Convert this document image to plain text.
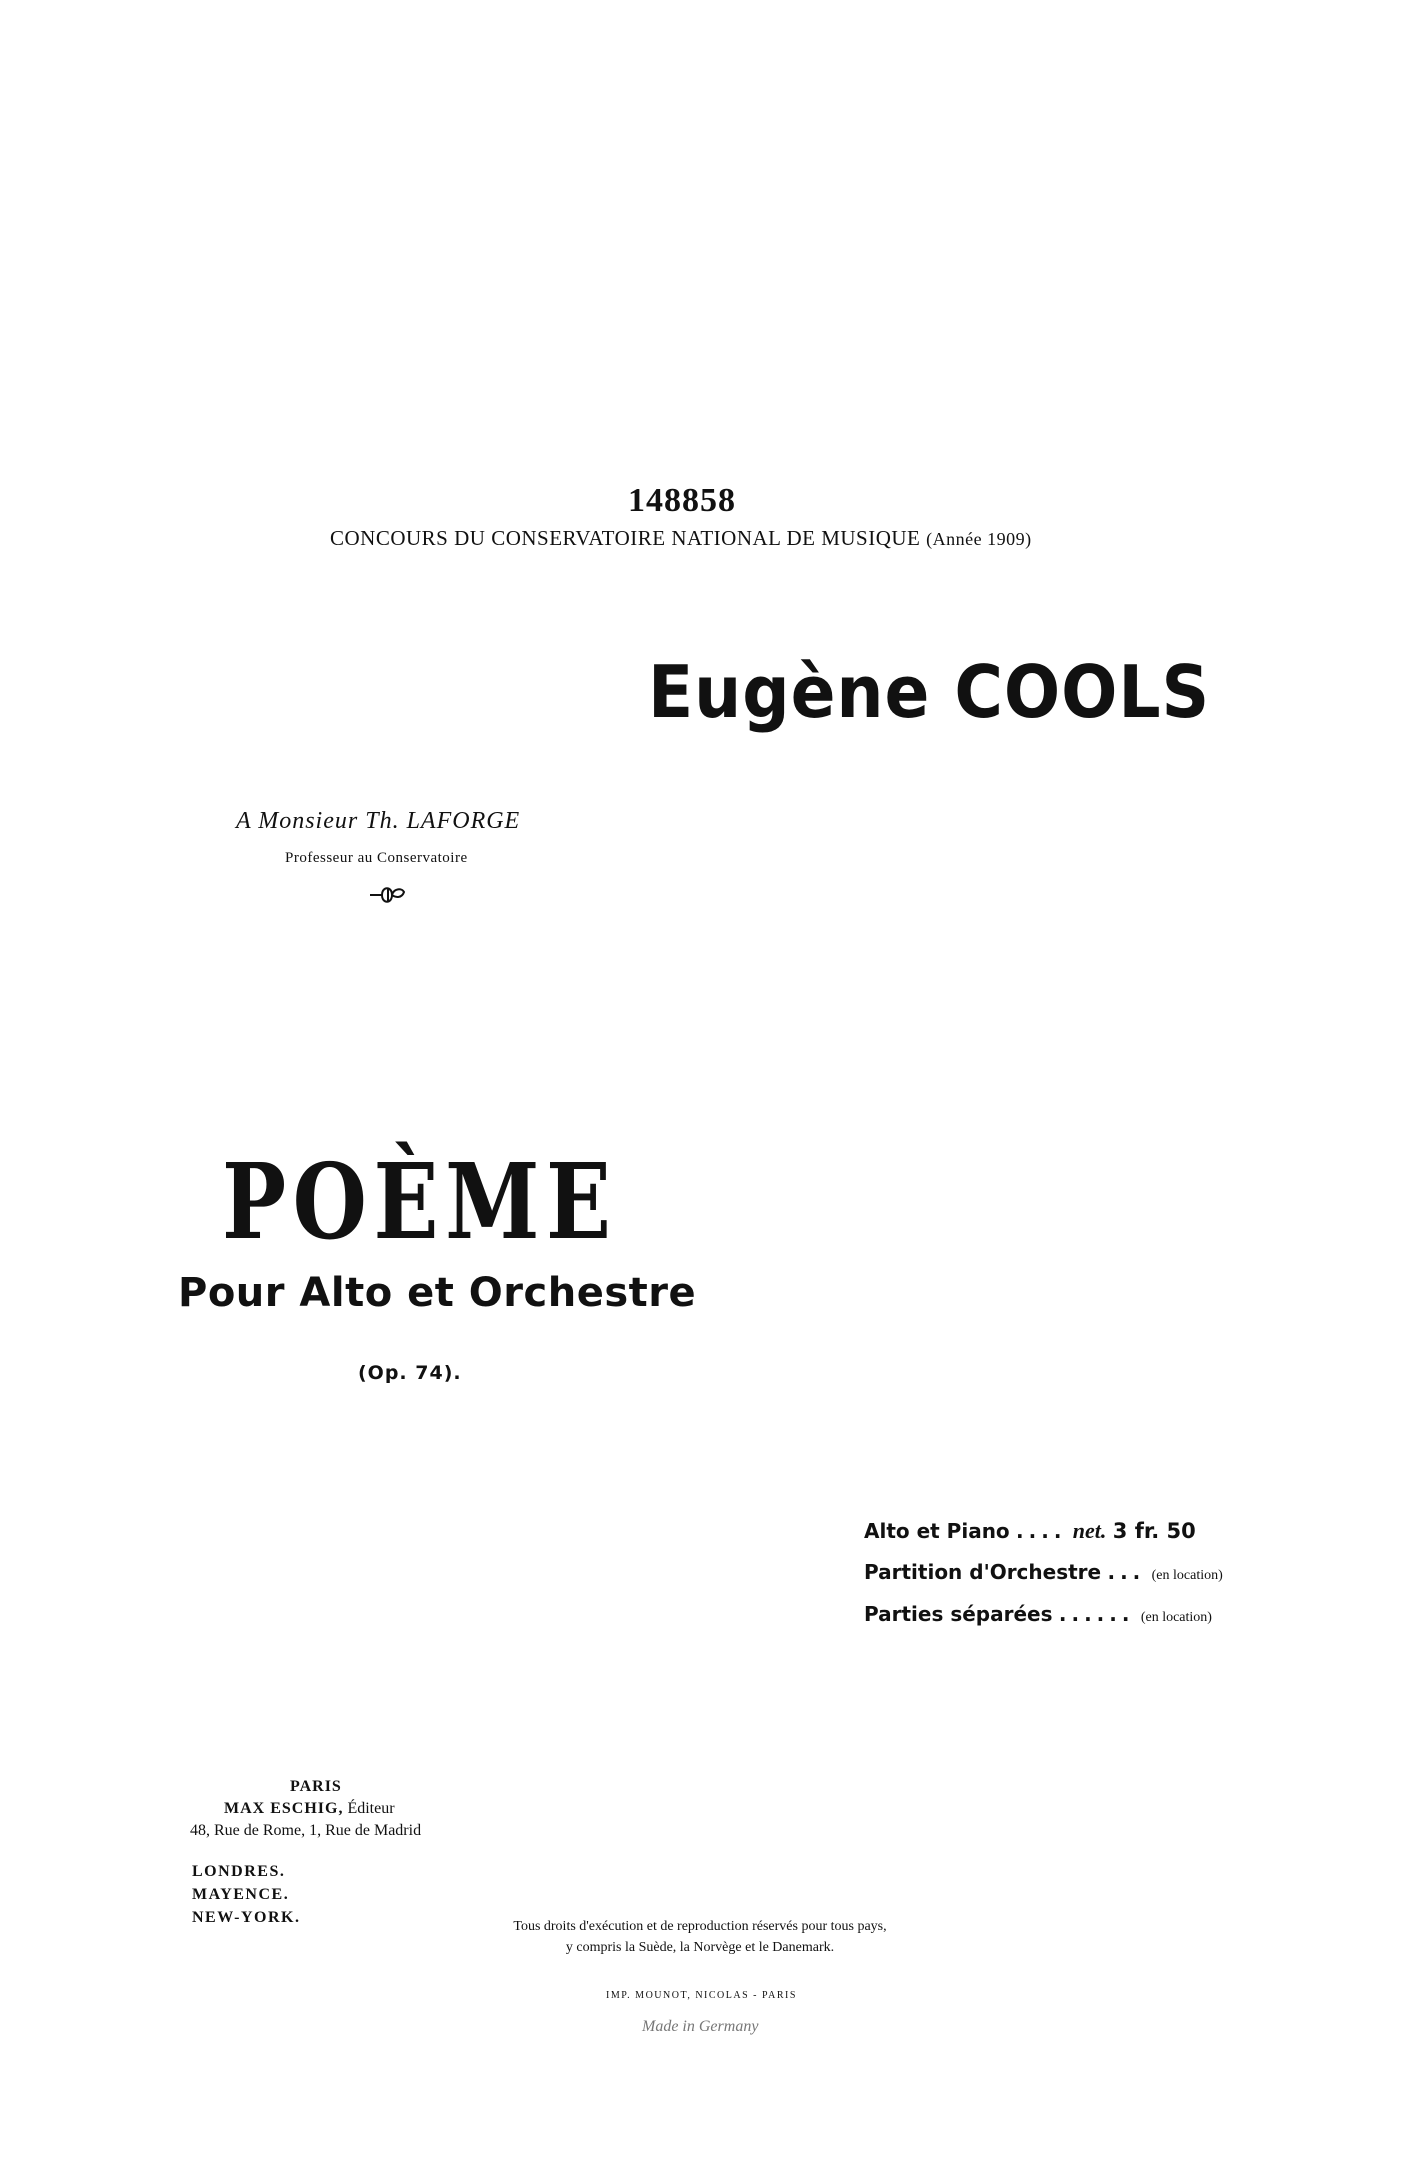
148858
CONCOURS DU CONSERVATOIRE NATIONAL DE MUSIQUE (Année 1909)
Eugène COOLS
A Monsieur Th. LAFORGE
Professeur au Conservatoire
POÈME
Pour Alto et Orchestre
(Op. 74).
Alto et Piano .... net. 3 fr. 50
Partition d'Orchestre ... (en location)
Parties séparées ...... (en location)
PARIS
MAX ESCHIG, Éditeur
48, Rue de Rome, 1, Rue de Madrid
LONDRES.
MAYENCE.
NEW-YORK.
Tous droits d'exécution et de reproduction réservés pour tous pays,
y compris la Suède, la Norvège et le Danemark.
IMP. MOUNOT, NICOLAS - PARIS
Made in Germany
